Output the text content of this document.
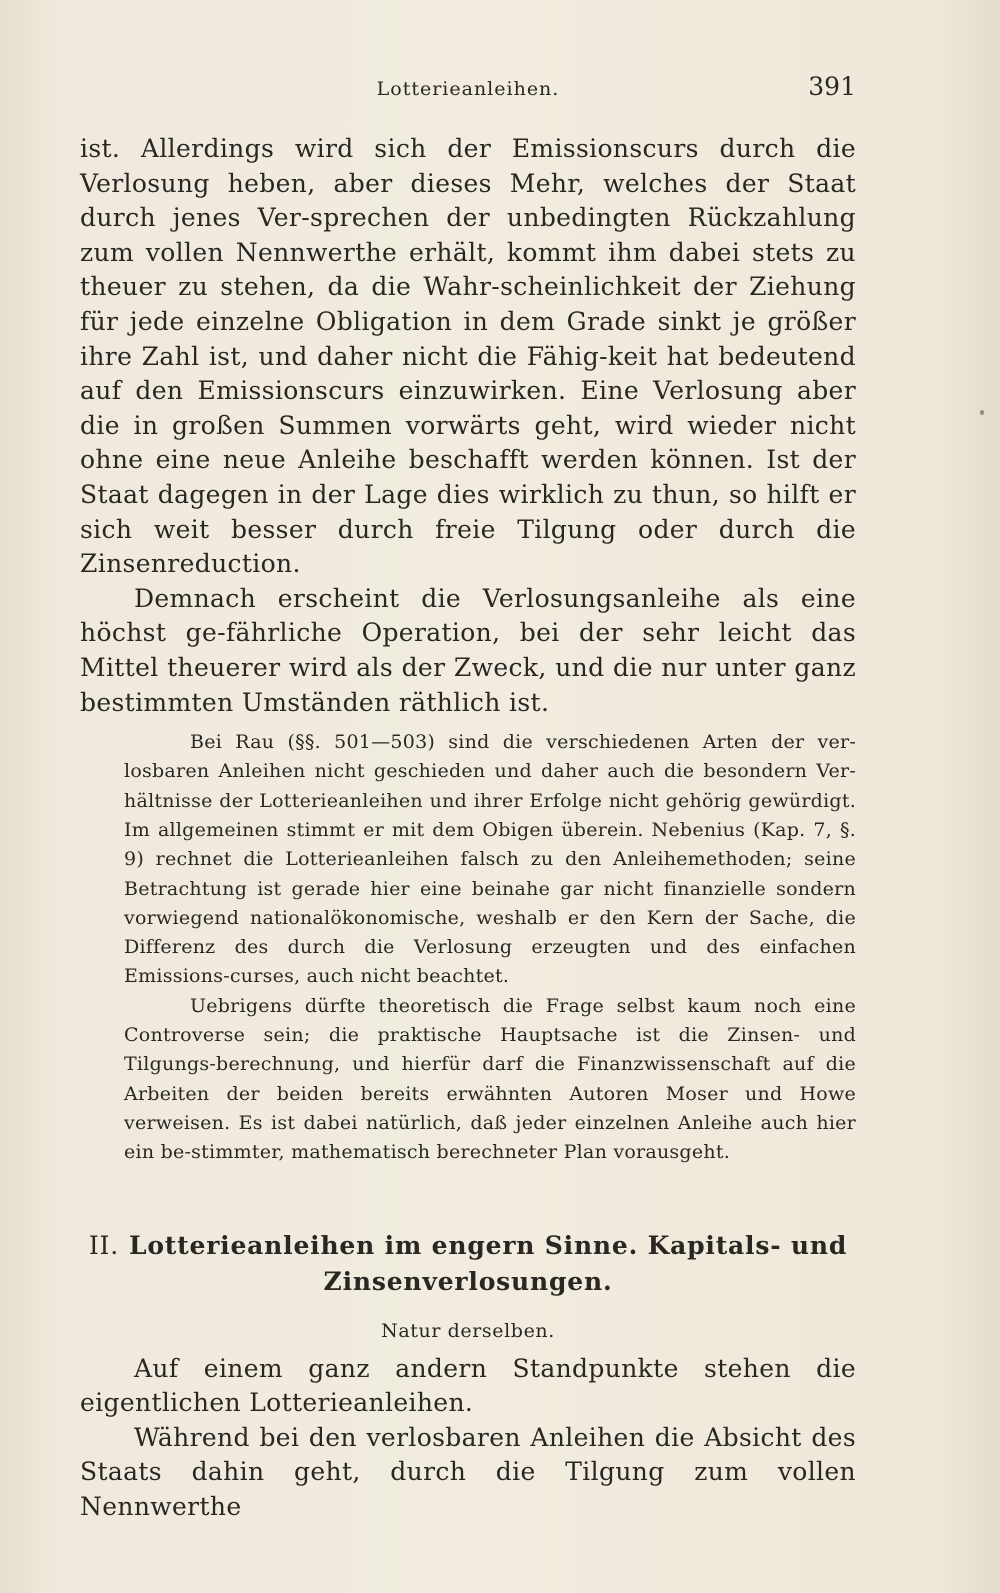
Lotterieanleihen.	391

ist. Allerdings wird sich der Emissionscurs durch die Verlosung heben, aber dieses Mehr, welches der Staat durch jenes Ver-sprechen der unbedingten Rückzahlung zum vollen Nennwerthe erhält, kommt ihm dabei stets zu theuer zu stehen, da die Wahr-scheinlichkeit der Ziehung für jede einzelne Obligation in dem Grade sinkt je größer ihre Zahl ist, und daher nicht die Fähig-keit hat bedeutend auf den Emissionscurs einzuwirken. Eine Verlosung aber die in großen Summen vorwärts geht, wird wieder nicht ohne eine neue Anleihe beschafft werden können. Ist der Staat dagegen in der Lage dies wirklich zu thun, so hilft er sich weit besser durch freie Tilgung oder durch die Zinsenreduction.

Demnach erscheint die Verlosungsanleihe als eine höchst ge-fährliche Operation, bei der sehr leicht das Mittel theuerer wird als der Zweck, und die nur unter ganz bestimmten Umständen räthlich ist.

Bei Rau (§§. 501—503) sind die verschiedenen Arten der ver-losbaren Anleihen nicht geschieden und daher auch die besondern Ver-hältnisse der Lotterieanleihen und ihrer Erfolge nicht gehörig gewürdigt. Im allgemeinen stimmt er mit dem Obigen überein. Nebenius (Kap. 7, §. 9) rechnet die Lotterieanleihen falsch zu den Anleihemethoden; seine Betrachtung ist gerade hier eine beinahe gar nicht finanzielle sondern vorwiegend nationalökonomische, weshalb er den Kern der Sache, die Differenz des durch die Verlosung erzeugten und des einfachen Emissions-curses, auch nicht beachtet.

Uebrigens dürfte theoretisch die Frage selbst kaum noch eine Controverse sein; die praktische Hauptsache ist die Zinsen- und Tilgungs-berechnung, und hierfür darf die Finanzwissenschaft auf die Arbeiten der beiden bereits erwähnten Autoren Moser und Howe verweisen. Es ist dabei natürlich, daß jeder einzelnen Anleihe auch hier ein be-stimmter, mathematisch berechneter Plan vorausgeht.

II. Lotterieanleihen im engern Sinne. Kapitals- und
Zinsenverlosungen.
Natur derselben.

Auf einem ganz andern Standpunkte stehen die eigentlichen Lotterieanleihen.

Während bei den verlosbaren Anleihen die Absicht des Staats dahin geht, durch die Tilgung zum vollen Nennwerthe
